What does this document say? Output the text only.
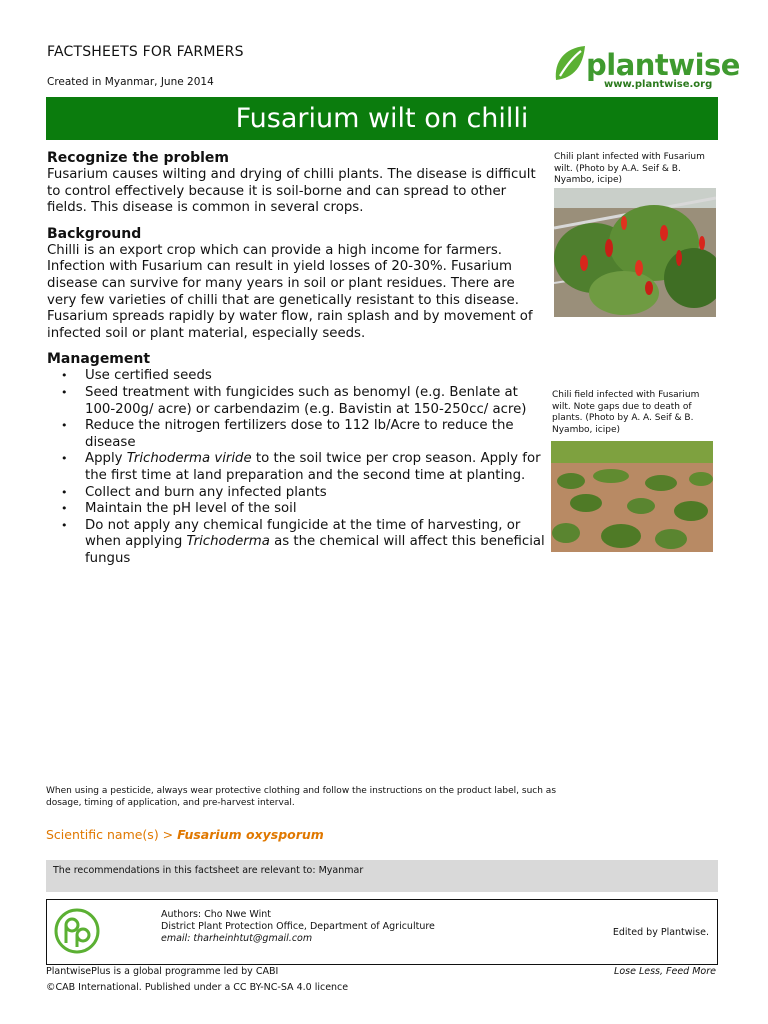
FACTSHEETS FOR FARMERS
Created in Myanmar, June 2014	plantwise
www.plantwise.org
Fusarium wilt on chilli
Recognize the problem

Fusarium causes wilting and drying of chilli plants. The disease is difficult to control effectively because it is soil-borne and can spread to other fields. This disease is common in several crops.

Background

Chilli is an export crop which can provide a high income for farmers. Infection with Fusarium can result in yield losses of 20-30%. Fusarium disease can survive for many years in soil or plant residues. There are very few varieties of chilli that are genetically resistant to this disease. Fusarium spreads rapidly by water flow, rain splash and by movement of infected soil or plant material, especially seeds.

Management
• Use certified seeds
• Seed treatment with fungicides such as benomyl (e.g. Benlate at 100-200g/ acre) or carbendazim (e.g. Bavistin at 150-250cc/ acre)
• Reduce the nitrogen fertilizers dose to 112 lb/Acre to reduce the disease
• Apply Trichoderma viride to the soil twice per crop season. Apply for the first time at land preparation and the second time at planting.
• Collect and burn any infected plants
• Maintain the pH level of the soil
• Do not apply any chemical fungicide at the time of harvesting, or when applying Trichoderma as the chemical will affect this beneficial fungus
Chili plant infected with Fusarium wilt. (Photo by A.A. Seif & B. Nyambo, icipe)
Chili field infected with Fusarium wilt. Note gaps due to death of plants. (Photo by A. A. Seif & B. Nyambo, icipe)
When using a pesticide, always wear protective clothing and follow the instructions on the product label, such as dosage, timing of application, and pre-harvest interval.
Scientific name(s) > Fusarium oxysporum
The recommendations in this factsheet are relevant to: Myanmar
Authors: Cho Nwe Wint
District Plant Protection Office, Department of Agriculture
email: tharheinhtut@gmail.com
Edited by Plantwise.
PlantwisePlus is a global programme led by CABI
©CAB International. Published under a CC BY-NC-SA 4.0 licence
Lose Less, Feed More
